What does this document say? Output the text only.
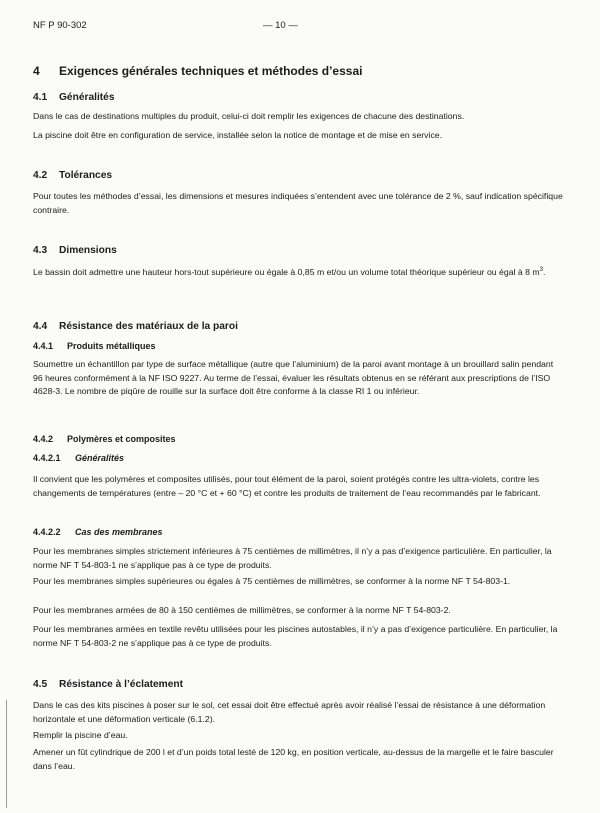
NF P 90-302	— 10 —
4 Exigences générales techniques et méthodes d’essai
4.1 Généralités

Dans le cas de destinations multiples du produit, celui-ci doit remplir les exigences de chacune des destinations.

La piscine doit être en configuration de service, installée selon la notice de montage et de mise en service.

4.2 Tolérances

Pour toutes les méthodes d’essai, les dimensions et mesures indiquées s’entendent avec une tolérance de 2 %, sauf indication spécifique contraire.

4.3 Dimensions

Le bassin doit admettre une hauteur hors-tout supérieure ou égale à 0,85 m et/ou un volume total théorique supérieur ou égal à 8 $m^3$.

4.4 Résistance des matériaux de la paroi
4.4.1 Produits métalliques

Soumettre un échantillon par type de surface métallique (autre que l’aluminium) de la paroi avant montage à un brouillard salin pendant 96 heures conformément à la NF ISO 9227. Au terme de l’essai, évaluer les résultats obtenus en se référant aux prescriptions de l’ISO 4628-3. Le nombre de piqûre de rouille sur la surface doit être conforme à la classe RI 1 ou inférieur.

4.4.2 Polymères et composites
4.4.2.1 Généralités

Il convient que les polymères et composites utilisés, pour tout élément de la paroi, soient protégés contre les ultra-violets, contre les changements de températures (entre – 20 °C et + 60 °C) et contre les produits de traitement de l’eau recommandés par le fabricant.

4.4.2.2 Cas des membranes

Pour les membranes simples strictement inférieures à 75 centièmes de millimètres, il n’y a pas d’exigence particulière. En particulier, la norme NF T 54-803-1 ne s’applique pas à ce type de produits.

Pour les membranes simples supérieures ou égales à 75 centièmes de millimètres, se conformer à la norme NF T 54-803-1.

Pour les membranes armées de 80 à 150 centièmes de millimètres, se conformer à la norme NF T 54-803-2.

Pour les membranes armées en textile revêtu utilisées pour les piscines autostables, il n’y a pas d’exigence particulière. En particulier, la norme NF T 54-803-2 ne s’applique pas à ce type de produits.

4.5 Résistance à l’éclatement

Dans le cas des kits piscines à poser sur le sol, cet essai doit être effectué après avoir réalisé l’essai de résistance à une déformation horizontale et une déformation verticale (6.1.2).

Remplir la piscine d’eau.

Amener un fût cylindrique de 200 l et d’un poids total lesté de 120 kg, en position verticale, au-dessus de la margelle et le faire basculer dans l’eau.
